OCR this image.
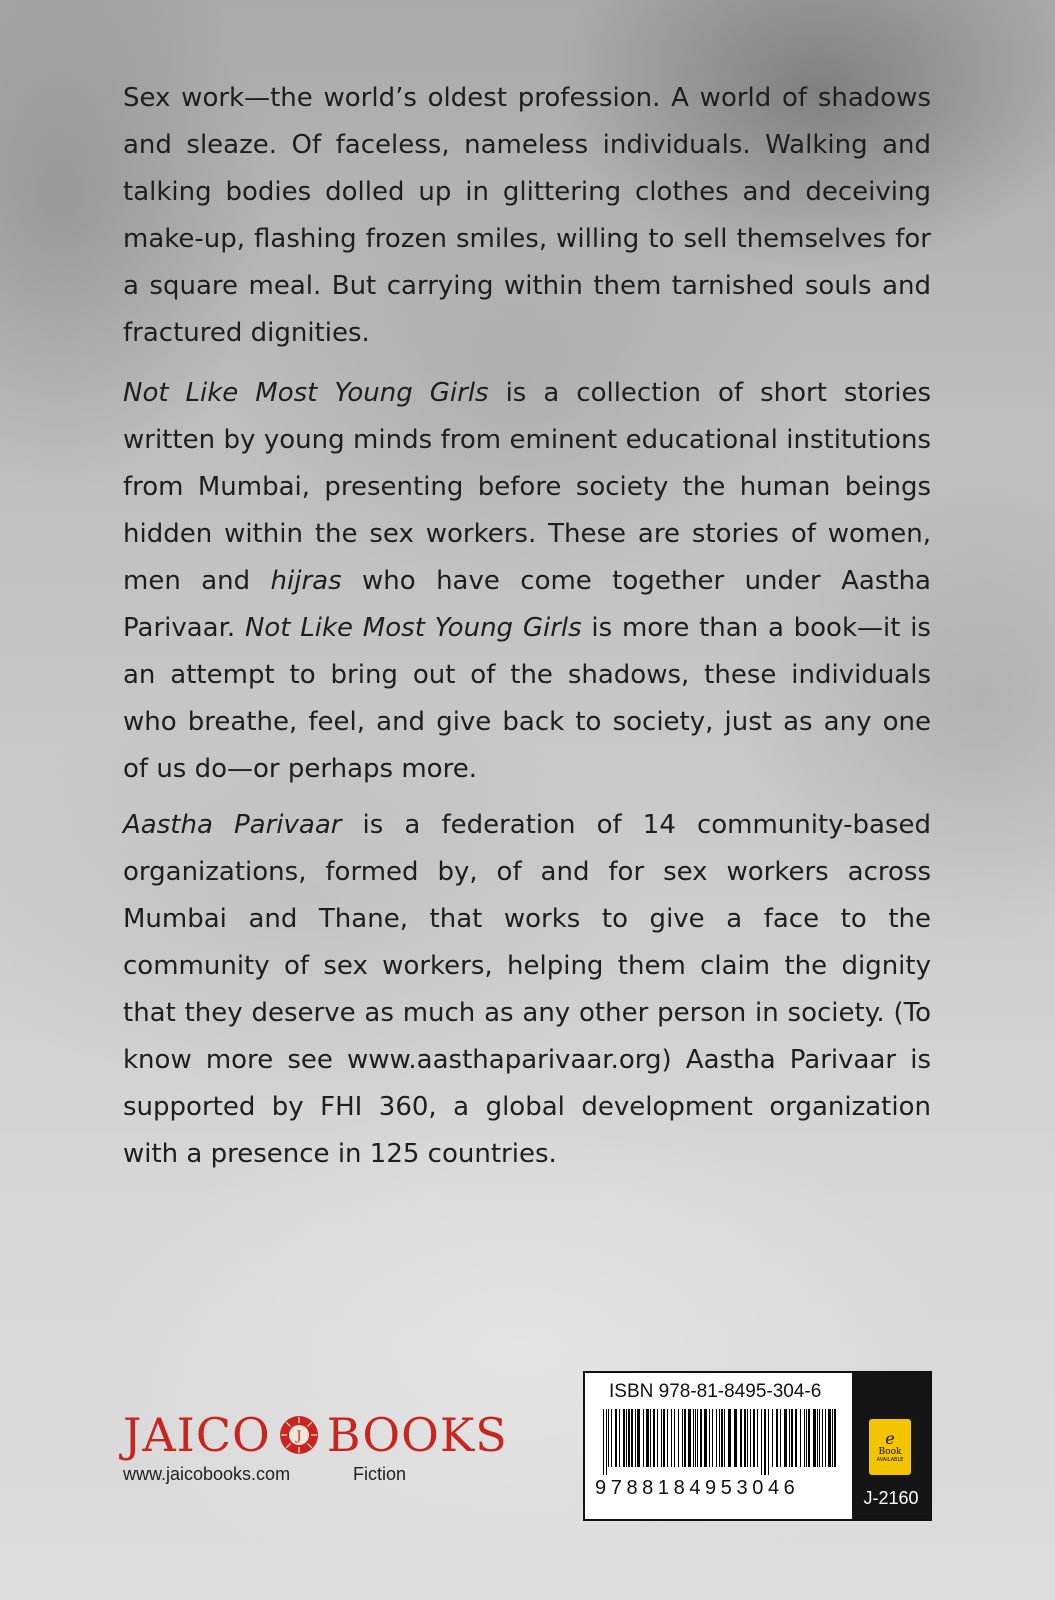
Sex work—the world’s oldest profession. A world of shadows and sleaze. Of faceless, nameless individuals. Walking and talking bodies dolled up in glittering clothes and deceiving make-up, flashing frozen smiles, willing to sell themselves for a square meal. But carrying within them tarnished souls and fractured dignities.

Not Like Most Young Girls is a collection of short stories written by young minds from eminent educational institutions from Mumbai, presenting before society the human beings hidden within the sex workers. These are stories of women, men and hijras who have come together under Aastha Parivaar. Not Like Most Young Girls is more than a book—it is an attempt to bring out of the shadows, these individuals who breathe, feel, and give back to society, just as any one of us do—or perhaps more.

Aastha Parivaar is a federation of 14 community-based organizations, formed by, of and for sex workers across Mumbai and Thane, that works to give a face to the community of sex workers, helping them claim the dignity that they deserve as much as any other person in society. (To know more see www.aasthaparivaar.org) Aastha Parivaar is supported by FHI 360, a global development organization with a presence in 125 countries.

JAICO J BOOKS
www.jaicobooks.com	Fiction
ISBN 978-81-8495-304-6
9788184953046
e
Book
AVAILABLE
J-2160
